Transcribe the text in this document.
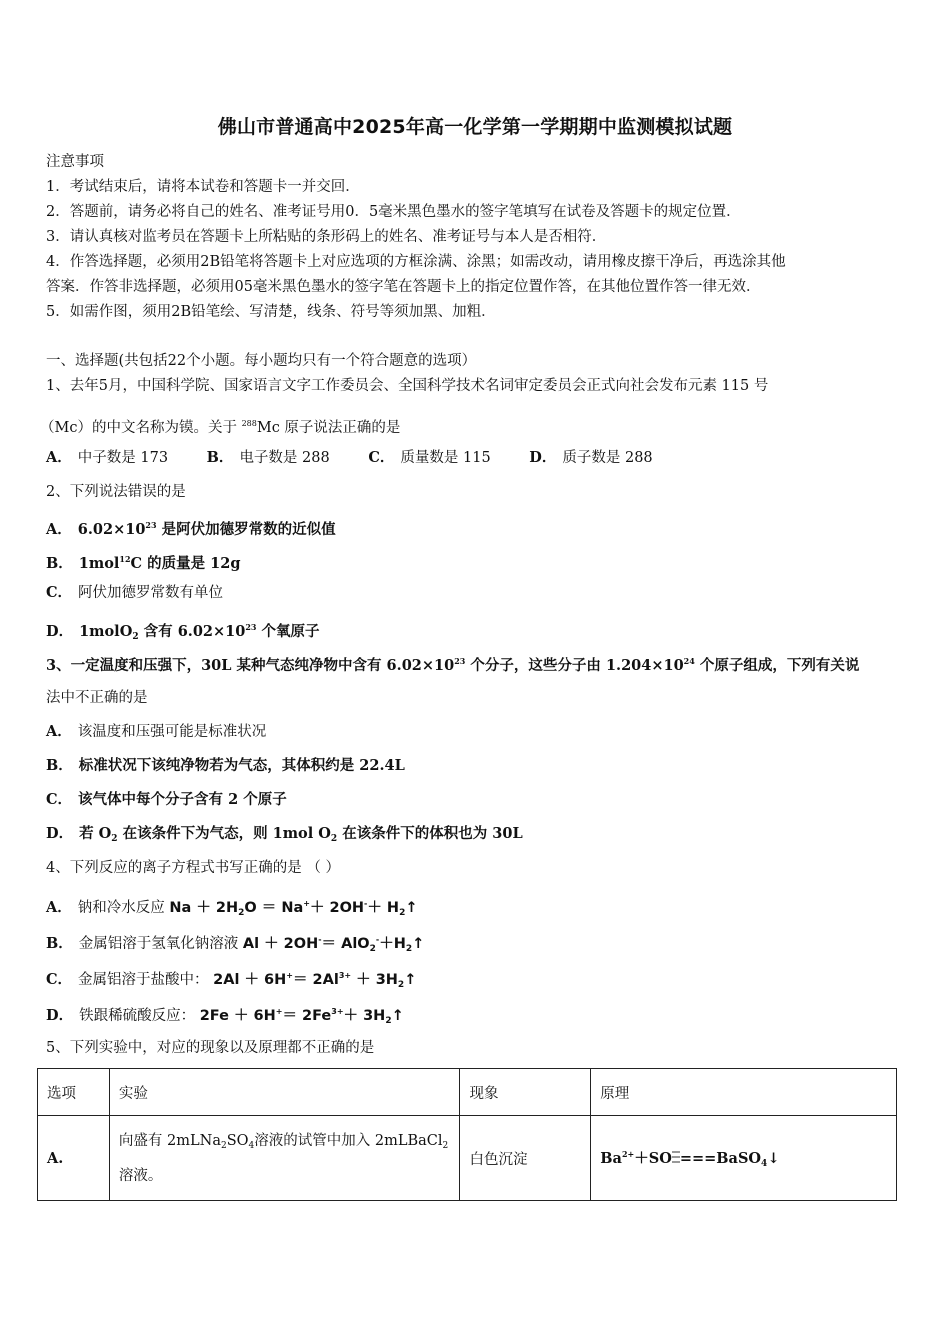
佛山市普通高中2025年高一化学第一学期期中监测模拟试题
注意事项
1．考试结束后，请将本试卷和答题卡一并交回．
2．答题前，请务必将自己的姓名、准考证号用0．5毫米黑色墨水的签字笔填写在试卷及答题卡的规定位置．
3．请认真核对监考员在答题卡上所粘贴的条形码上的姓名、准考证号与本人是否相符．
4．作答选择题，必须用2B铅笔将答题卡上对应选项的方框涂满、涂黑；如需改动，请用橡皮擦干净后，再选涂其他
答案．作答非选择题，必须用05毫米黑色墨水的签字笔在答题卡上的指定位置作答，在其他位置作答一律无效．
5．如需作图，须用2B铅笔绘、写清楚，线条、符号等须加黑、加粗．
一、选择题(共包括22个小题。每小题均只有一个符合题意的选项）
1、去年5月，中国科学院、国家语言文字工作委员会、全国科学技术名词审定委员会正式向社会发布元素 115 号
（Mc）的中文名称为镆。关于 $^{288}$Mc 原子说法正确的是
A． 中子数是 173	B． 电子数是 288	C． 质量数是 115	D． 质子数是 288
2、下列说法错误的是
A． $6.02\times 10^{23}$ 是阿伏加德罗常数的近似值
B． 1mol$^{12}$C 的质量是 12g
C． 阿伏加德罗常数有单位
D． 1molO$_2$ 含有 $6.02\times 10^{23}$ 个氧原子
3、一定温度和压强下，30L 某种气态纯净物中含有 $6.02\times 10^{23}$ 个分子，这些分子由 $1.204\times 10^{24}$ 个原子组成，下列有关说
法中不正确的是
A． 该温度和压强可能是标准状况
B． 标准状况下该纯净物若为气态，其体积约是 22.4L
C． 该气体中每个分子含有 2 个原子
D． 若 $O_2$ 在该条件下为气态，则 1mol $O_2$ 在该条件下的体积也为 30L
4、下列反应的离子方程式书写正确的是 （ ）
A． 钠和冷水反应 $Na + 2H_2O = Na^++ 2OH^-+$ $H_2↑$
B． 金属铝溶于氢氧化钠溶液 $Al + 2OH^-= AlO_2^-+H_2↑$
C． 金属铝溶于盐酸中： $2Al + 6H^+= 2Al^{3+}$ ＋ $3H_2↑$
D． 铁跟稀硫酸反应： $2Fe + 6H^+= 2Fe^{3+}+$ $3H_2↑$
5、下列实验中，对应的现象以及原理都不正确的是
选项	实验	现象	原理
A.	向盛有 $2mLNa_2SO_4$溶液的试管中加入 2mLBaCl$_2$
溶液。	白色沉淀	$Ba^{2+}+SO$ ===BaSO$_4$↓
